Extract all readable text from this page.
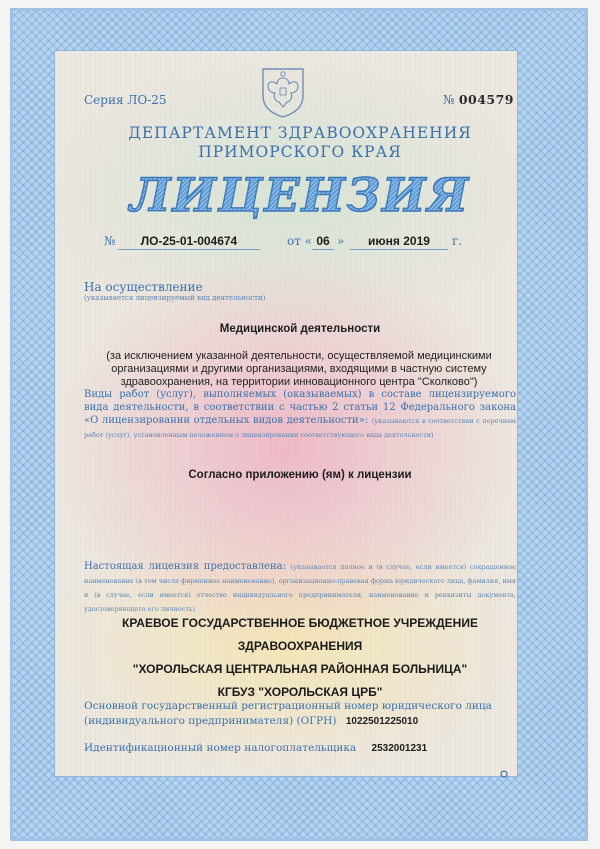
Серия ЛО-25	№ 004579
ДЕПАРТАМЕНТ ЗДРАВООХРАНЕНИЯ
ПРИМОРСКОГО КРАЯ
ЛИЦЕНЗИЯ
№	ЛО-25-01-004674	от « 06 »	июня 2019	г.
На осуществление
(указывается лицензируемый вид деятельности)
Медицинской деятельности
(за исключением указанной деятельности, осуществляемой медицинскими организациями и другими организациями, входящими в частную систему здравоохранения, на территории инновационного центра "Сколково")
Виды работ (услуг), выполняемых (оказываемых) в составе лицензируемого вида деятельности, в соответствии с частью 2 статьи 12 Федерального закона «О лицензировании отдельных видов деятельности»: (указываются в соответствии с перечнем работ (услуг), установленным положением о лицензировании соответствующего вида деятельности)
Согласно приложению (ям) к лицензии
Настоящая лицензия предоставлена: (указывается полное и (в случае, если имеется) сокращенное наименование (в том числе фирменное наименование), организационно-правовая форма юридического лица, фамилия, имя и (в случае, если имеется) отчество индивидуального предпринимателя, наименование и реквизиты документа, удостоверяющего его личность)
КРАЕВОЕ ГОСУДАРСТВЕННОЕ БЮДЖЕТНОЕ УЧРЕЖДЕНИЕ
ЗДРАВООХРАНЕНИЯ
"ХОРОЛЬСКАЯ ЦЕНТРАЛЬНАЯ РАЙОННАЯ БОЛЬНИЦА"
КГБУЗ "ХОРОЛЬСКАЯ ЦРБ"
Основной государственный регистрационный номер юридического лица
(индивидуального предпринимателя) (ОГРН) 1022501225010
Идентификационный номер налогоплательщика 2532001231
